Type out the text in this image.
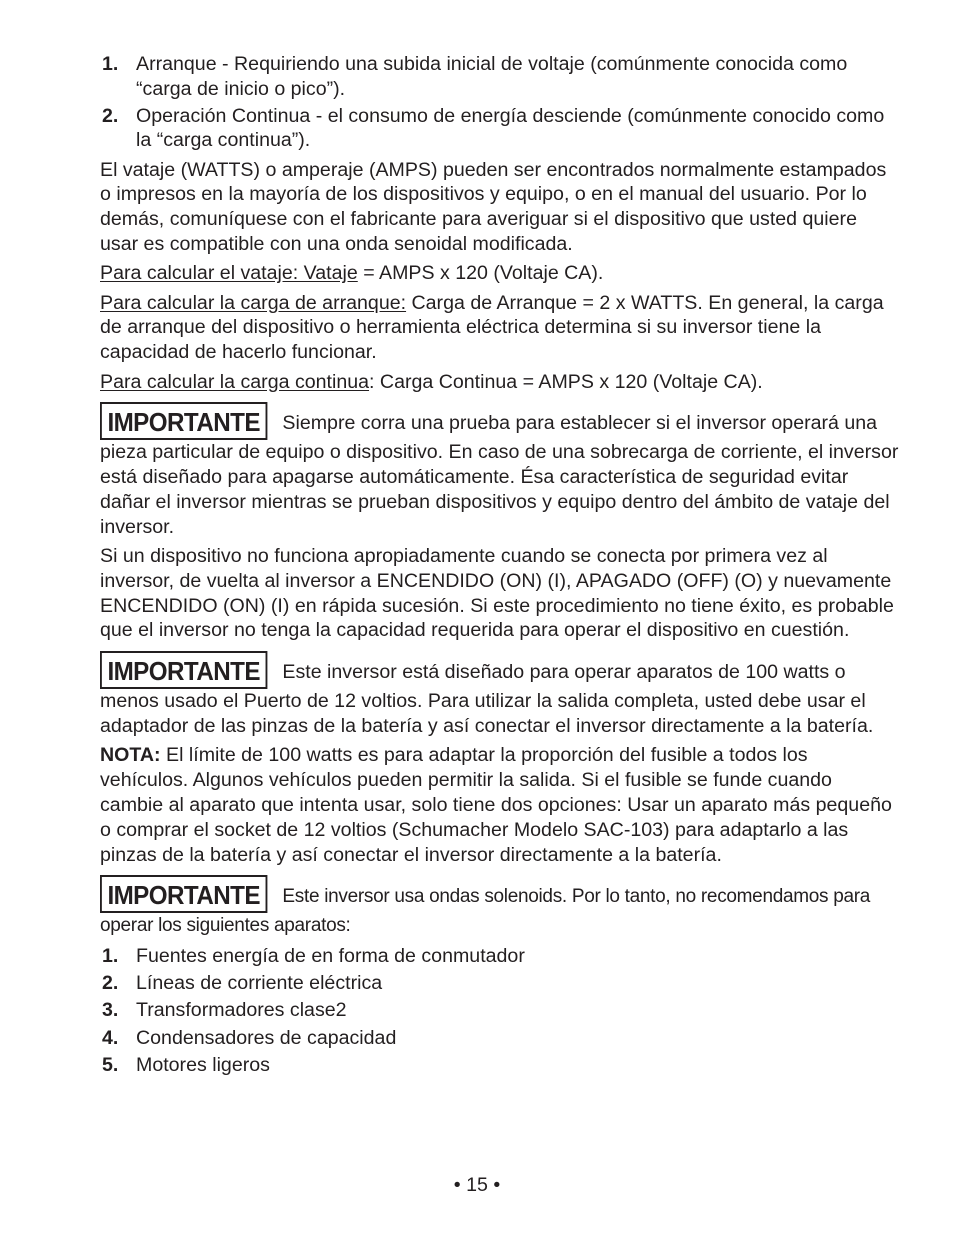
1. Arranque - Requiriendo una subida inicial de voltaje (comúnmente conocida como “carga de inicio o pico”).
2. Operación Continua - el consumo de energía desciende (comúnmente conocido como la “carga continua”).

El vataje (WATTS) o amperaje (AMPS) pueden ser encontrados normalmente estampados o impresos en la mayoría de los dispositivos y equipo, o en el manual del usuario. Por lo demás, comuníquese con el fabricante para averiguar si el dispositivo que usted quiere usar es compatible con una onda senoidal modificada.

Para calcular el vataje: Vataje = AMPS x 120 (Voltaje CA).

Para calcular la carga de arranque: Carga de Arranque = 2 x WATTS. En general, la carga de arranque del dispositivo o herramienta eléctrica determina si su inversor tiene la capacidad de hacerlo funcionar.

Para calcular la carga continua: Carga Continua = AMPS x 120 (Voltaje CA).

IMPORTANTE Siempre corra una prueba para establecer si el inversor operará una pieza particular de equipo o dispositivo. En caso de una sobrecarga de corriente, el inversor está diseñado para apagarse automáticamente. Ésa característica de seguridad evitar dañar el inversor mientras se prueban dispositivos y equipo dentro del ámbito de vataje del inversor.

Si un dispositivo no funciona apropiadamente cuando se conecta por primera vez al inversor, de vuelta al inversor a ENCENDIDO (ON) (I), APAGADO (OFF) (O) y nuevamente ENCENDIDO (ON) (I) en rápida sucesión. Si este procedimiento no tiene éxito, es probable que el inversor no tenga la capacidad requerida para operar el dispositivo en cuestión.

IMPORTANTE Este inversor está diseñado para operar aparatos de 100 watts o menos usado el Puerto de 12 voltios. Para utilizar la salida completa, usted debe usar el adaptador de las pinzas de la batería y así conectar el inversor directamente a la batería.

NOTA: El límite de 100 watts es para adaptar la proporción del fusible a todos los vehículos. Algunos vehículos pueden permitir la salida. Si el fusible se funde cuando cambie al aparato que intenta usar, solo tiene dos opciones: Usar un aparato más pequeño o comprar el socket de 12 voltios (Schumacher Modelo SAC-103) para adaptarlo a las pinzas de la batería y así conectar el inversor directamente a la batería.

IMPORTANTE Este inversor usa ondas solenoids. Por lo tanto, no recomendamos para operar los siguientes aparatos:

1. Fuentes energía de en forma de conmutador
2. Líneas de corriente eléctrica
3. Transformadores clase2
4. Condensadores de capacidad
5. Motores ligeros
• 15 •
